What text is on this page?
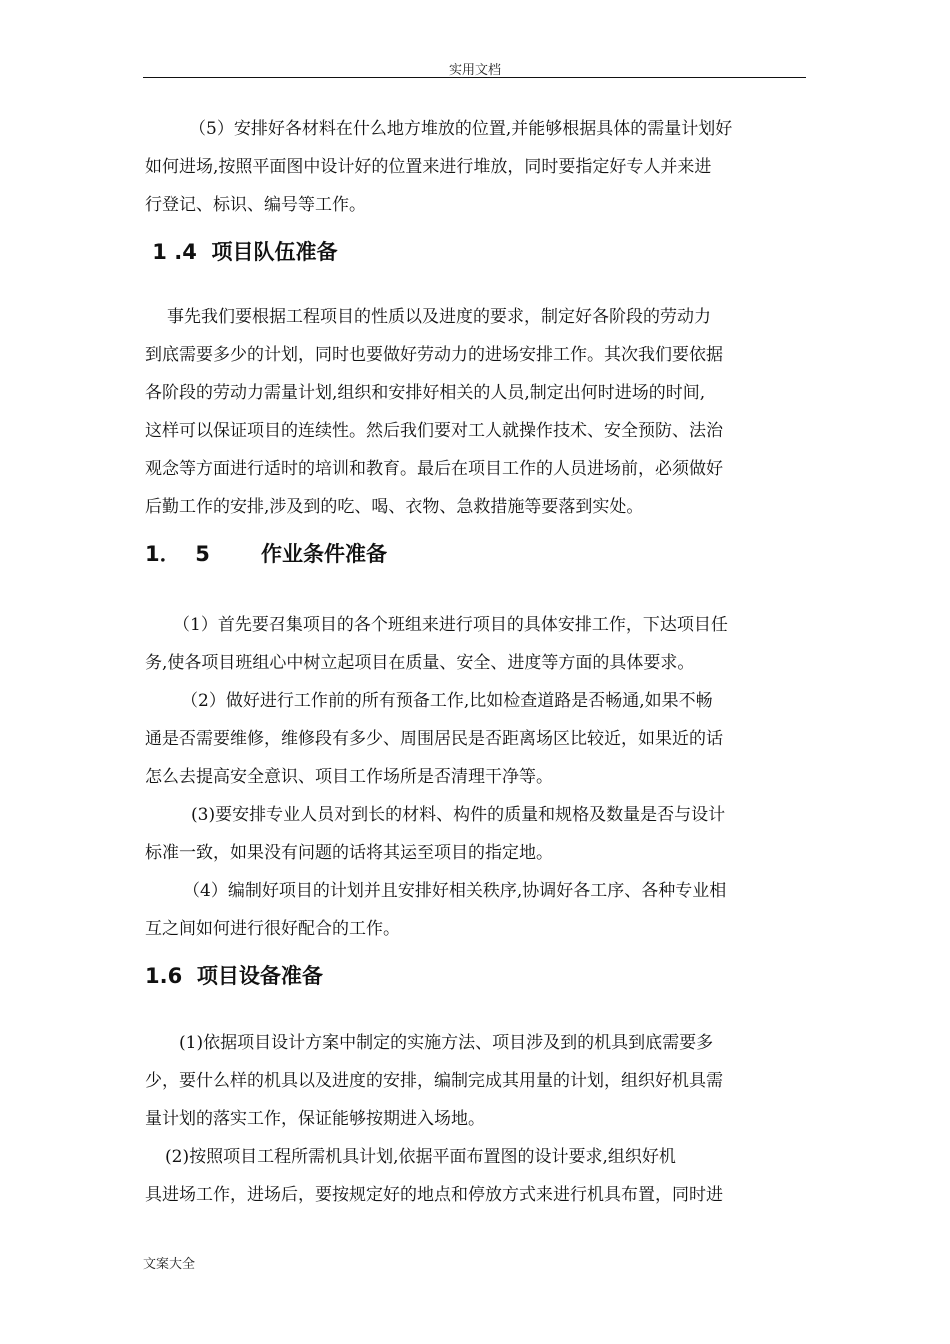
实用文档

（5）安排好各材料在什么地方堆放的位置,并能够根据具体的需量计划好
如何进场,按照平面图中设计好的位置来进行堆放，同时要指定好专人并来进
行登记、标识、编号等工作。

1 .4  项目队伍准备

事先我们要根据工程项目的性质以及进度的要求，制定好各阶段的劳动力
到底需要多少的计划，同时也要做好劳动力的进场安排工作。其次我们要依据
各阶段的劳动力需量计划,组织和安排好相关的人员,制定出何时进场的时间,
这样可以保证项目的连续性。然后我们要对工人就操作技术、安全预防、法治
观念等方面进行适时的培训和教育。最后在项目工作的人员进场前，必须做好
后勤工作的安排,涉及到的吃、喝、衣物、急救措施等要落到实处。

1．  5       作业条件准备

（1）首先要召集项目的各个班组来进行项目的具体安排工作，下达项目任
务,使各项目班组心中树立起项目在质量、安全、进度等方面的具体要求。

（2）做好进行工作前的所有预备工作,比如检查道路是否畅通,如果不畅
通是否需要维修，维修段有多少、周围居民是否距离场区比较近，如果近的话
怎么去提高安全意识、项目工作场所是否清理干净等。

(3)要安排专业人员对到长的材料、构件的质量和规格及数量是否与设计
标准一致，如果没有问题的话将其运至项目的指定地。

（4）编制好项目的计划并且安排好相关秩序,协调好各工序、各种专业相
互之间如何进行很好配合的工作。

1.6  项目设备准备

(1)依据项目设计方案中制定的实施方法、项目涉及到的机具到底需要多
少，要什么样的机具以及进度的安排，编制完成其用量的计划，组织好机具需
量计划的落实工作，保证能够按期进入场地。

(2)按照项目工程所需机具计划,依据平面布置图的设计要求,组织好机
具进场工作，进场后，要按规定好的地点和停放方式来进行机具布置，同时进

文案大全
